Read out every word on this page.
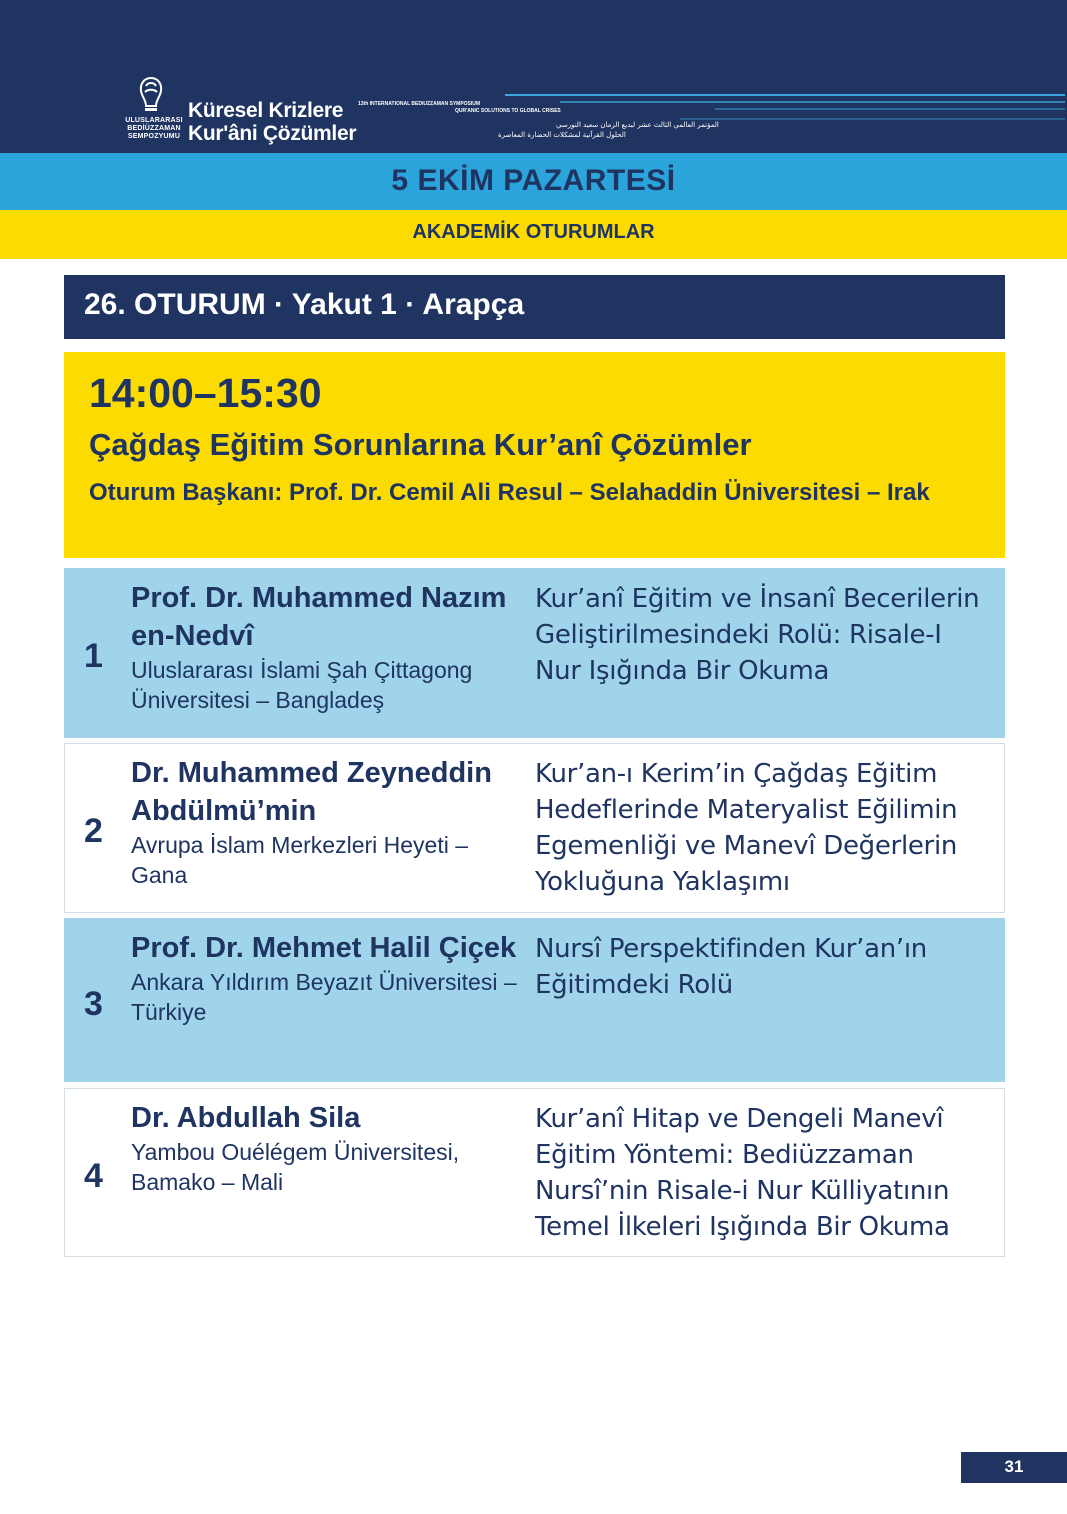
ULUSLARARASI BEDİÜZZAMAN SEMPOZYUMU
Küresel Krizlere
Kur'âni Çözümler
13th INTERNATIONAL BEDIUZZAMAN SYMPOSIUM
QUR'ANIC SOLUTIONS TO GLOBAL CRISES
المؤتمر العالمي الثالث عشر لبديع الزمان سعيد النورسي
الحلول القرآنية لمشكلات الحضارة المعاصرة
5 EKİM PAZARTESİ
AKADEMİK OTURUMLAR
26. OTURUM · Yakut 1 · Arapça
14:00–15:30
Çağdaş Eğitim Sorunlarına Kur’anî Çözümler
Oturum Başkanı: Prof. Dr. Cemil Ali Resul – Selahaddin Üniversitesi – Irak
1
Prof. Dr. Muhammed Nazım en-Nedvî
Uluslararası İslami Şah Çittagong Üniversitesi – Bangladeş
Kur’anî Eğitim ve İnsanî Becerilerin Geliştirilmesindeki Rolü: Risale-I Nur Işığında Bir Okuma
2
Dr. Muhammed Zeyneddin Abdülmü’min
Avrupa İslam Merkezleri Heyeti – Gana
Kur’an-ı Kerim’in Çağdaş Eğitim Hedeflerinde Materyalist Eğilimin Egemenliği ve Manevî Değerlerin Yokluğuna Yaklaşımı
3
Prof. Dr. Mehmet Halil Çiçek
Ankara Yıldırım Beyazıt Üniversitesi – Türkiye
Nursî Perspektifinden Kur’an’ın Eğitimdeki Rolü
4
Dr. Abdullah Sila
Yambou Ouélégem Üniversitesi, Bamako – Mali
Kur’anî Hitap ve Dengeli Manevî Eğitim Yöntemi: Bediüzzaman Nursî’nin Risale-i Nur Külliyatının Temel İlkeleri Işığında Bir Okuma
31
